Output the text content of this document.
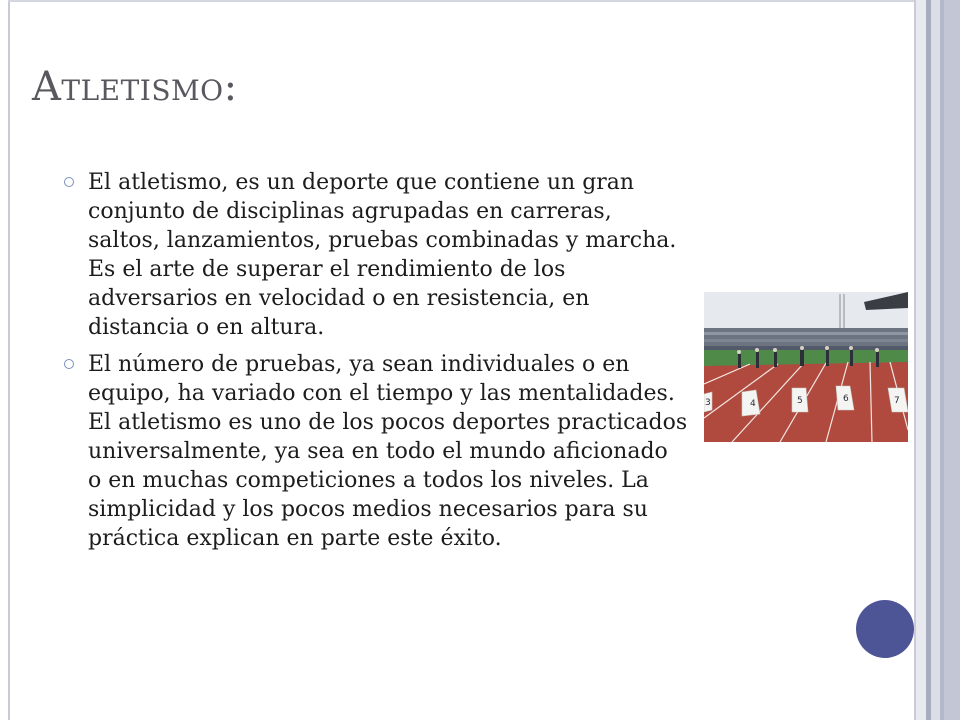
Atletismo:
El atletismo, es un deporte que contiene un gran conjunto de disciplinas agrupadas en carreras, saltos, lanzamientos, pruebas combinadas y marcha. Es el arte de superar el rendimiento de los adversarios en velocidad o en resistencia, en distancia o en altura.
El número de pruebas, ya sean individuales o en equipo, ha variado con el tiempo y las mentalidades. El atletismo es uno de los pocos deportes practicados universalmente, ya sea en todo el mundo aficionado o en muchas competiciones a todos los niveles. La simplicidad y los pocos medios necesarios para su práctica explican en parte este éxito.
3	4	5	6	7
